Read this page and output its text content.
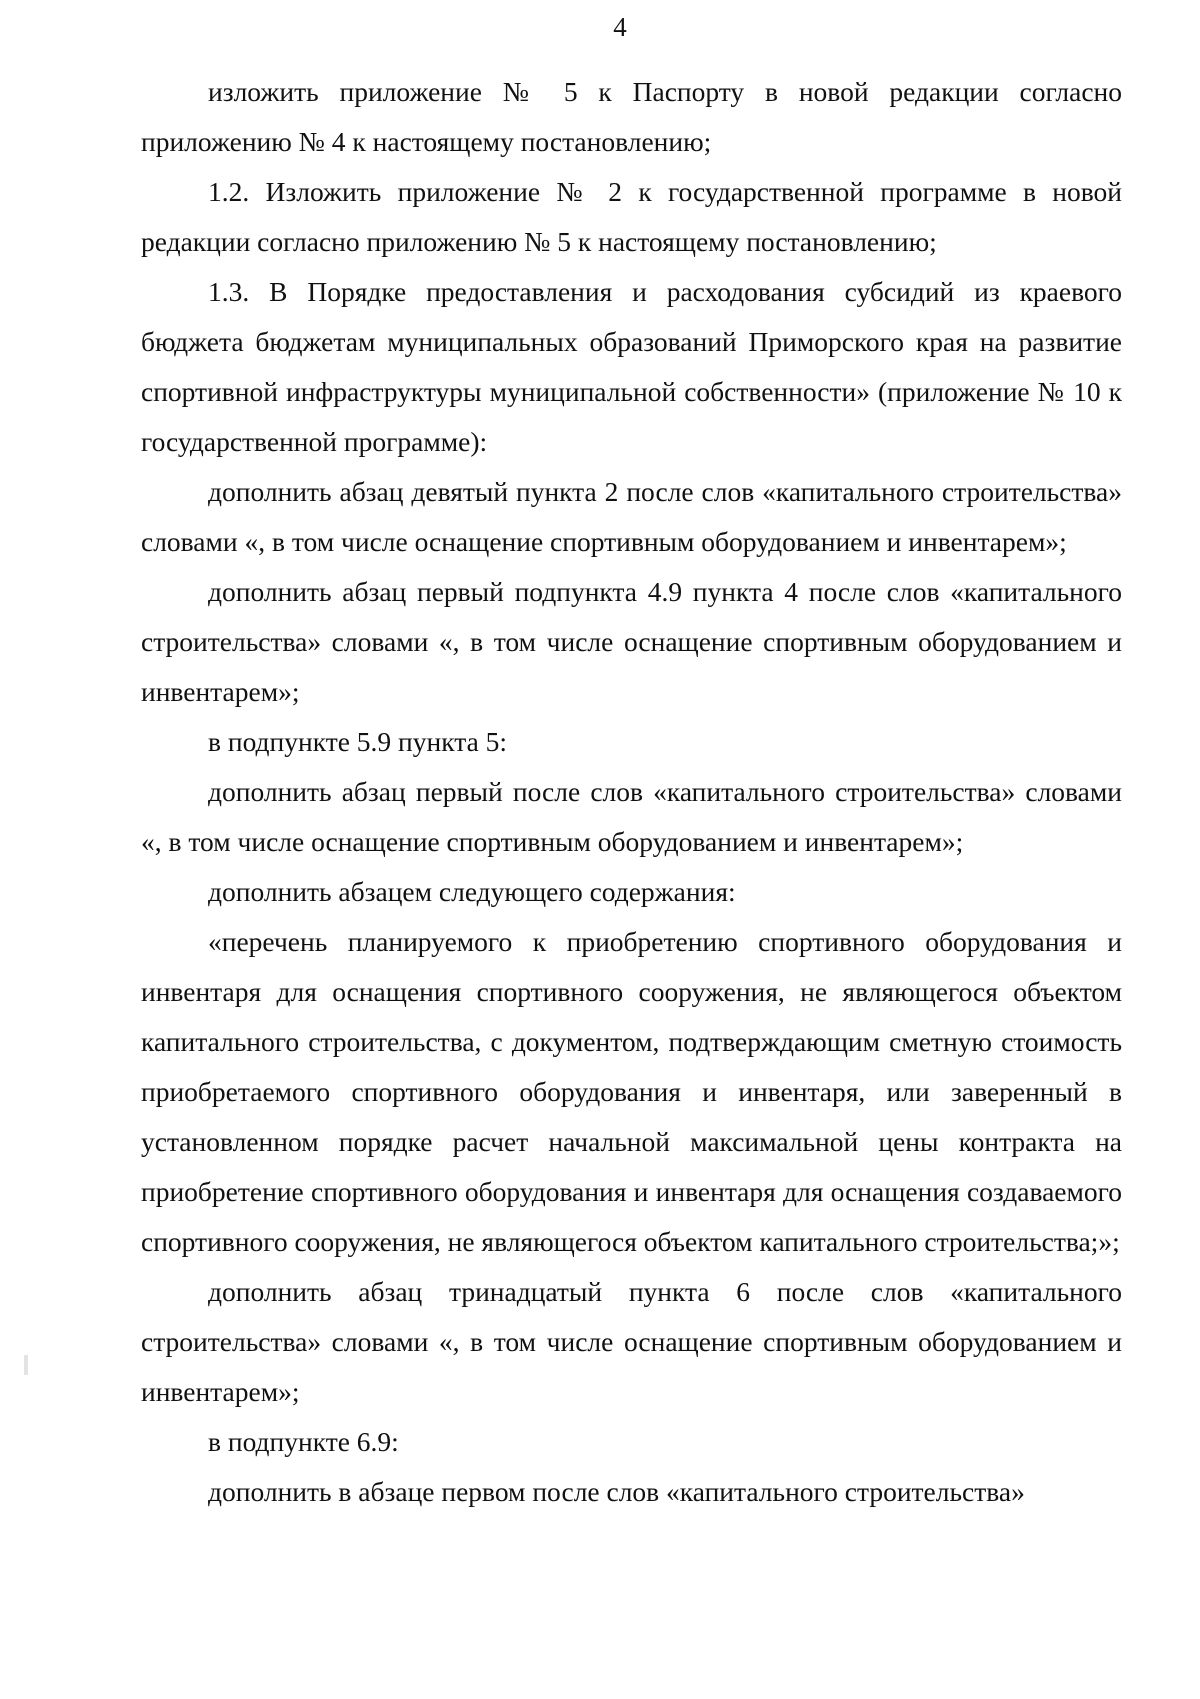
4

изложить приложение № 5 к Паспорту в новой редакции согласно приложению № 4 к настоящему постановлению;

1.2. Изложить приложение № 2 к государственной программе в новой редакции согласно приложению № 5 к настоящему постановлению;

1.3. В Порядке предоставления и расходования субсидий из краевого бюджета бюджетам муниципальных образований Приморского края на развитие спортивной инфраструктуры муниципальной собственности» (приложение № 10 к государственной программе):

дополнить абзац девятый пункта 2 после слов «капитального строительства» словами «, в том числе оснащение спортивным оборудованием и инвентарем»;

дополнить абзац первый подпункта 4.9 пункта 4 после слов «капитального строительства» словами «, в том числе оснащение спортивным оборудованием и инвентарем»;

в подпункте 5.9 пункта 5:

дополнить абзац первый после слов «капитального строительства» словами «, в том числе оснащение спортивным оборудованием и инвентарем»;

дополнить абзацем следующего содержания:

«перечень планируемого к приобретению спортивного оборудования и инвентаря для оснащения спортивного сооружения, не являющегося объектом капитального строительства, с документом, подтверждающим сметную стоимость приобретаемого спортивного оборудования и инвентаря, или заверенный в установленном порядке расчет начальной максимальной цены контракта на приобретение спортивного оборудования и инвентаря для оснащения создаваемого спортивного сооружения, не являющегося объектом капитального строительства;»;

дополнить абзац тринадцатый пункта 6 после слов «капитального строительства» словами «, в том числе оснащение спортивным оборудованием и инвентарем»;

в подпункте 6.9:

дополнить в абзаце первом после слов «капитального строительства»
